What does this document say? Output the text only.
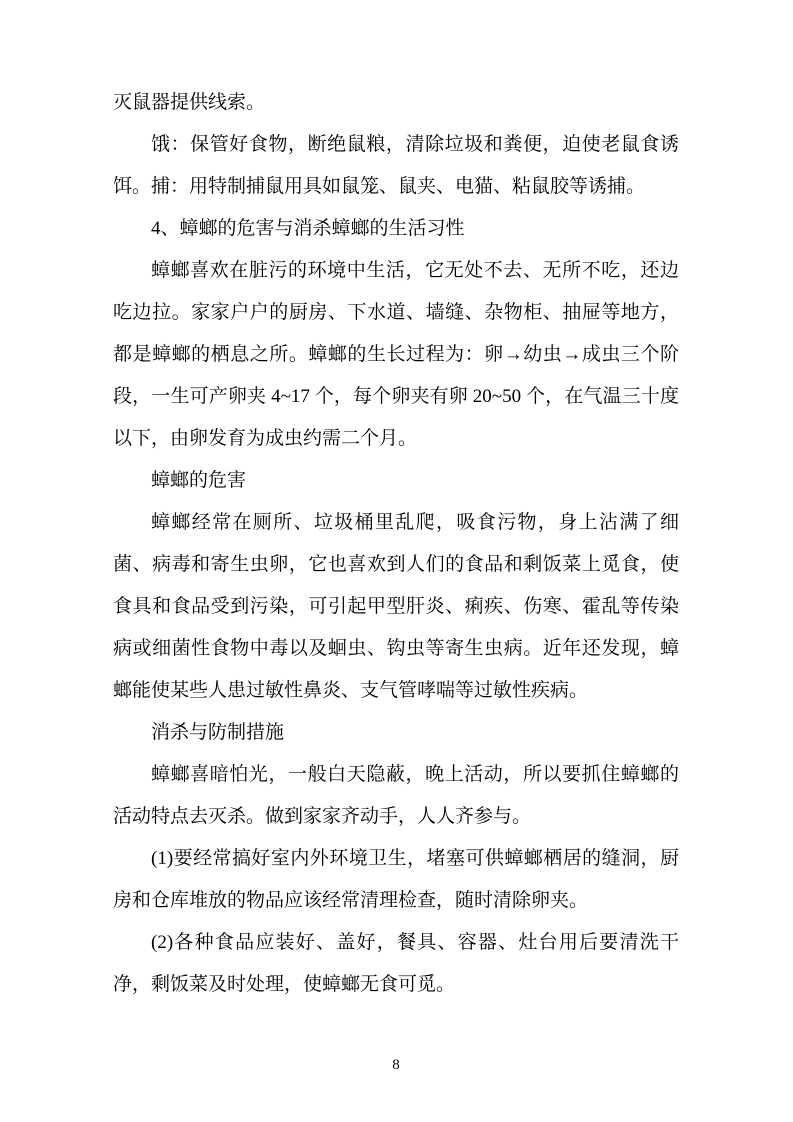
灭鼠器提供线索。

饿：保管好食物，断绝鼠粮，清除垃圾和粪便，迫使老鼠食诱饵。捕：用特制捕鼠用具如鼠笼、鼠夹、电猫、粘鼠胶等诱捕。

4、蟑螂的危害与消杀蟑螂的生活习性

蟑螂喜欢在脏污的环境中生活，它无处不去、无所不吃，还边吃边拉。家家户户的厨房、下水道、墙缝、杂物柜、抽屉等地方，都是蟑螂的栖息之所。蟑螂的生长过程为：卵→幼虫→成虫三个阶段，一生可产卵夹 4~17 个，每个卵夹有卵 20~50 个，在气温三十度以下，由卵发育为成虫约需二个月。

蟑螂的危害

蟑螂经常在厕所、垃圾桶里乱爬，吸食污物，身上沾满了细菌、病毒和寄生虫卵，它也喜欢到人们的食品和剩饭菜上觅食，使食具和食品受到污染，可引起甲型肝炎、痢疾、伤寒、霍乱等传染病或细菌性食物中毒以及蛔虫、钩虫等寄生虫病。近年还发现，蟑螂能使某些人患过敏性鼻炎、支气管哮喘等过敏性疾病。

消杀与防制措施

蟑螂喜暗怕光，一般白天隐蔽，晚上活动，所以要抓住蟑螂的活动特点去灭杀。做到家家齐动手，人人齐参与。

(1)要经常搞好室内外环境卫生，堵塞可供蟑螂栖居的缝洞，厨房和仓库堆放的物品应该经常清理检查，随时清除卵夹。

(2)各种食品应装好、盖好，餐具、容器、灶台用后要清洗干净，剩饭菜及时处理，使蟑螂无食可觅。

8
